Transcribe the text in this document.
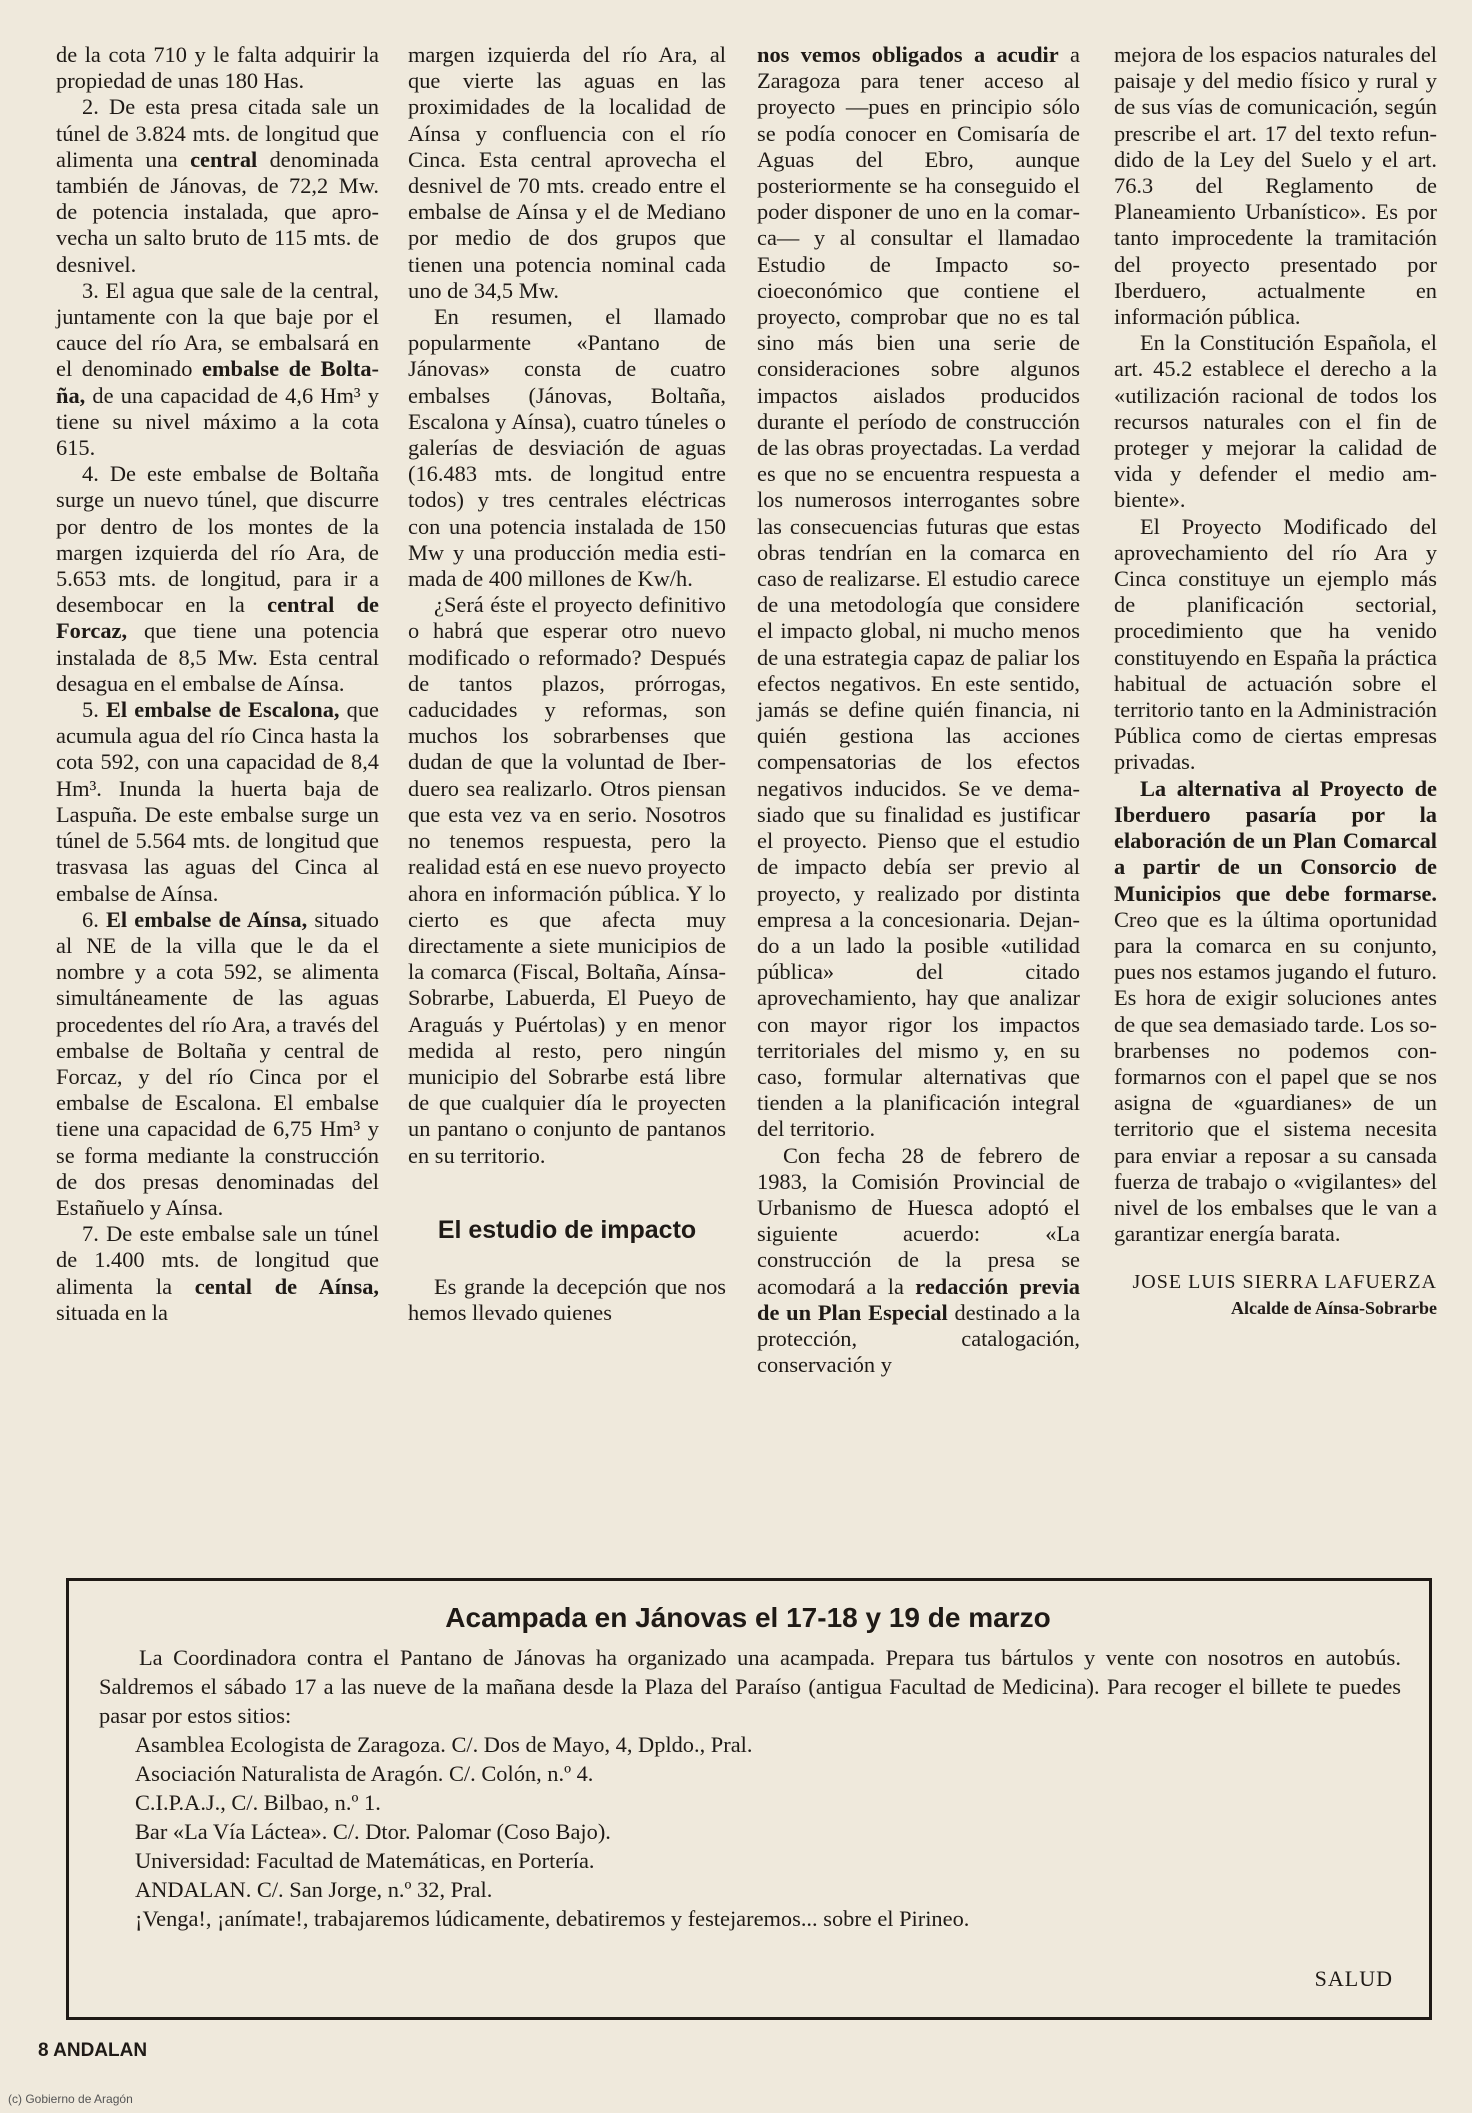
de la cota 710 y le falta adquirir la propiedad de unas 180 Has.

2. De esta presa citada sale un túnel de 3.824 mts. de longitud que alimenta una central denominada también de Jánovas, de 72,2 Mw. de potencia instalada, que aprovecha un salto bruto de 115 mts. de desnivel.

3. El agua que sale de la central, juntamente con la que baje por el cauce del río Ara, se embalsará en el denominado embalse de Boltaña, de una capacidad de 4,6 Hm³ y tiene su nivel máximo a la cota 615.

4. De este embalse de Boltaña surge un nuevo túnel, que discurre por dentro de los montes de la margen izquierda del río Ara, de 5.653 mts. de longitud, para ir a desembocar en la central de Forcaz, que tiene una potencia instalada de 8,5 Mw. Esta central desagua en el embalse de Aínsa.

5. El embalse de Escalona, que acumula agua del río Cinca hasta la cota 592, con una capacidad de 8,4 Hm³. Inunda la huerta baja de Laspuña. De este embalse surge un túnel de 5.564 mts. de longitud que trasvasa las aguas del Cinca al embalse de Aínsa.

6. El embalse de Aínsa, situado al NE de la villa que le da el nombre y a cota 592, se alimenta simultáneamente de las aguas procedentes del río Ara, a través del embalse de Boltaña y central de Forcaz, y del río Cinca por el embalse de Escalona. El embalse tiene una capacidad de 6,75 Hm³ y se forma mediante la construcción de dos presas denominadas del Estañuelo y Aínsa.

7. De este embalse sale un túnel de 1.400 mts. de longitud que alimenta la cental de Aínsa, situada en la

margen izquierda del río Ara, al que vierte las aguas en las proximidades de la localidad de Aínsa y confluencia con el río Cinca. Esta central aprovecha el desnivel de 70 mts. creado entre el embalse de Aínsa y el de Mediano por medio de dos grupos que tienen una potencia nominal cada uno de 34,5 Mw.

En resumen, el llamado popularmente «Pantano de Jánovas» consta de cuatro embalses (Jánovas, Boltaña, Escalona y Aínsa), cuatro túneles o galerías de desviación de aguas (16.483 mts. de longitud entre todos) y tres centrales eléctricas con una potencia instalada de 150 Mw y una producción media estimada de 400 millones de Kw/h.

¿Será éste el proyecto definitivo o habrá que esperar otro nuevo modificado o reformado? Después de tantos plazos, prórrogas, caducidades y reformas, son muchos los sobrarbenses que dudan de que la voluntad de Iberduero sea realizarlo. Otros piensan que esta vez va en serio. Nosotros no tenemos respuesta, pero la realidad está en ese nuevo proyecto ahora en información pública. Y lo cierto es que afecta muy directamente a siete municipios de la comarca (Fiscal, Boltaña, Aínsa-Sobrarbe, Labuerda, El Pueyo de Araguás y Puértolas) y en menor medida al resto, pero ningún municipio del Sobrarbe está libre de que cualquier día le proyecten un pantano o conjunto de pantanos en su territorio.

El estudio de impacto

Es grande la decepción que nos hemos llevado quienes

nos vemos obligados a acudir a Zaragoza para tener acceso al proyecto —pues en principio sólo se podía conocer en Comisaría de Aguas del Ebro, aunque posteriormente se ha conseguido el poder disponer de uno en la comarca— y al consultar el llamadao Estudio de Impacto socioeconómico que contiene el proyecto, comprobar que no es tal sino más bien una serie de consideraciones sobre algunos impactos aislados producidos durante el período de construcción de las obras proyectadas. La verdad es que no se encuentra respuesta a los numerosos interrogantes sobre las consecuencias futuras que estas obras tendrían en la comarca en caso de realizarse. El estudio carece de una metodología que considere el impacto global, ni mucho menos de una estrategia capaz de paliar los efectos negativos. En este sentido, jamás se define quién financia, ni quién gestiona las acciones compensatorias de los efectos negativos inducidos. Se ve demasiado que su finalidad es justificar el proyecto. Pienso que el estudio de impacto debía ser previo al proyecto, y realizado por distinta empresa a la concesionaria. Dejando a un lado la posible «utilidad pública» del citado aprovechamiento, hay que analizar con mayor rigor los impactos territoriales del mismo y, en su caso, formular alternativas que tienden a la planificación integral del territorio.

Con fecha 28 de febrero de 1983, la Comisión Provincial de Urbanismo de Huesca adoptó el siguiente acuerdo: «La construcción de la presa se acomodará a la redacción previa de un Plan Especial destinado a la protección, catalogación, conservación y

mejora de los espacios naturales del paisaje y del medio físico y rural y de sus vías de comunicación, según prescribe el art. 17 del texto refundido de la Ley del Suelo y el art. 76.3 del Reglamento de Planeamiento Urbanístico». Es por tanto improcedente la tramitación del proyecto presentado por Iberduero, actualmente en información pública.

En la Constitución Española, el art. 45.2 establece el derecho a la «utilización racional de todos los recursos naturales con el fin de proteger y mejorar la calidad de vida y defender el medio ambiente».

El Proyecto Modificado del aprovechamiento del río Ara y Cinca constituye un ejemplo más de planificación sectorial, procedimiento que ha venido constituyendo en España la práctica habitual de actuación sobre el territorio tanto en la Administración Pública como de ciertas empresas privadas.

La alternativa al Proyecto de Iberduero pasaría por la elaboración de un Plan Comarcal a partir de un Consorcio de Municipios que debe formarse. Creo que es la última oportunidad para la comarca en su conjunto, pues nos estamos jugando el futuro. Es hora de exigir soluciones antes de que sea demasiado tarde. Los sobrarbenses no podemos conformarnos con el papel que se nos asigna de «guardianes» de un territorio que el sistema necesita para enviar a reposar a su cansada fuerza de trabajo o «vigilantes» del nivel de los embalses que le van a garantizar energía barata.

JOSE LUIS SIERRA LAFUERZA
Alcalde de Aínsa-Sobrarbe
Acampada en Jánovas el 17-18 y 19 de marzo

La Coordinadora contra el Pantano de Jánovas ha organizado una acampada. Prepara tus bártulos y vente con nosotros en autobús. Saldremos el sábado 17 a las nueve de la mañana desde la Plaza del Paraíso (antigua Facultad de Medicina). Para recoger el billete te puedes pasar por estos sitios:

Asamblea Ecologista de Zaragoza. C/. Dos de Mayo, 4, Dpldo., Pral.
Asociación Naturalista de Aragón. C/. Colón, n.º 4.
C.I.P.A.J., C/. Bilbao, n.º 1.
Bar «La Vía Láctea». C/. Dtor. Palomar (Coso Bajo).
Universidad: Facultad de Matemáticas, en Portería.
ANDALAN. C/. San Jorge, n.º 32, Pral.

¡Venga!, ¡anímate!, trabajaremos lúdicamente, debatiremos y festejaremos... sobre el Pirineo.

SALUD
8 ANDALAN
(c) Gobierno de Aragón
